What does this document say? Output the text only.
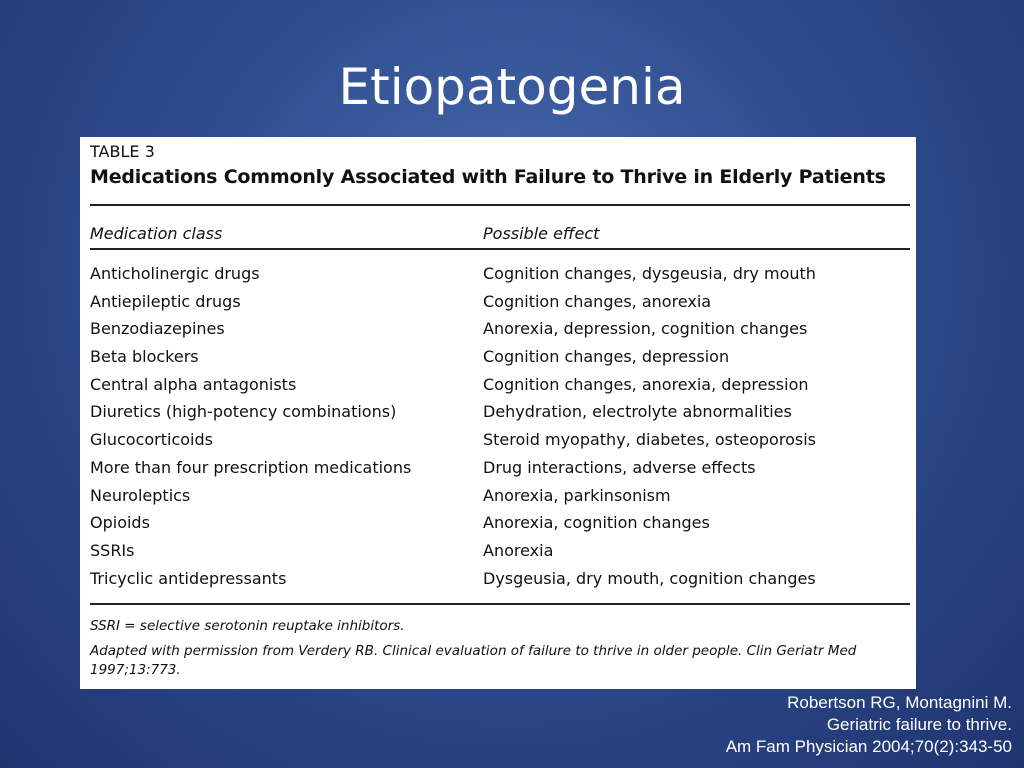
Etiopatogenia
TABLE 3
Medications Commonly Associated with Failure to Thrive in Elderly Patients
Medication class	Possible effect
Anticholinergic drugs	Cognition changes, dysgeusia, dry mouth
Antiepileptic drugs	Cognition changes, anorexia
Benzodiazepines	Anorexia, depression, cognition changes
Beta blockers	Cognition changes, depression
Central alpha antagonists	Cognition changes, anorexia, depression
Diuretics (high-potency combinations)	Dehydration, electrolyte abnormalities
Glucocorticoids	Steroid myopathy, diabetes, osteoporosis
More than four prescription medications	Drug interactions, adverse effects
Neuroleptics	Anorexia, parkinsonism
Opioids	Anorexia, cognition changes
SSRIs	Anorexia
Tricyclic antidepressants	Dysgeusia, dry mouth, cognition changes
SSRI = selective serotonin reuptake inhibitors.
Adapted with permission from Verdery RB. Clinical evaluation of failure to thrive in older people. Clin Geriatr Med 1997;13:773.
Robertson RG, Montagnini M.
Geriatric failure to thrive.
Am Fam Physician 2004;70(2):343-50
